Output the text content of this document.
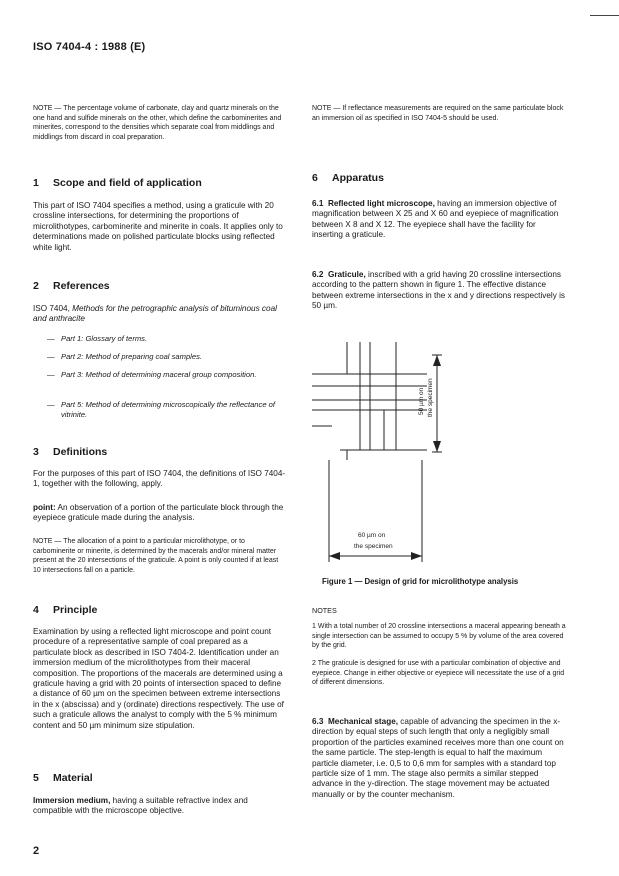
ISO 7404-4 : 1988 (E)

NOTE — The percentage volume of carbonate, clay and quartz minerals on the one hand and sulfide minerals on the other, which define the carbominerites and minerites, correspond to the densities which separate coal from middlings and middlings from discard in coal preparation.

1 Scope and field of application

This part of ISO 7404 specifies a method, using a graticule with 20 crossline intersections, for determining the proportions of microlithotypes, carbominerite and minerite in coals. It applies only to determinations made on polished particulate blocks using reflected white light.

2 References

ISO 7404, Methods for the petrographic analysis of bituminous coal and anthracite

— Part 1: Glossary of terms.
— Part 2: Method of preparing coal samples.
— Part 3: Method of determining maceral group composition.
— Part 5: Method of determining microscopically the reflectance of vitrinite.
3 Definitions

For the purposes of this part of ISO 7404, the definitions of ISO 7404-1, together with the following, apply.

point: An observation of a portion of the particulate block through the eyepiece graticule made during the analysis.

NOTE — The allocation of a point to a particular microlithotype, or to carbominerite or minerite, is determined by the macerals and/or mineral matter present at the 20 intersections of the graticule. A point is only counted if at least 10 intersections fall on a particle.

4 Principle

Examination by using a reflected light microscope and point count procedure of a representative sample of coal prepared as a particulate block as described in ISO 7404-2. Identification under an immersion medium of the microlithotypes from their maceral composition. The proportions of the macerals are determined using a graticule having a grid with 20 points of intersection spaced to define a distance of 60 µm on the specimen between extreme intersections in the x (abscissa) and y (ordinate) directions respectively. The use of such a graticule allows the analyst to comply with the 5 % minimum content and 50 µm minimum size stipulation.

5 Material

Immersion medium, having a suitable refractive index and compatible with the microscope objective.

2

NOTE — If reflectance measurements are required on the same particulate block an immersion oil as specified in ISO 7404-5 should be used.

6 Apparatus

6.1 Reflected light microscope, having an immersion objective of magnification between X 25 and X 60 and eyepiece of magnification between X 8 and X 12. The eyepiece shall have the facility for inserting a graticule.

6.2 Graticule, inscribed with a grid having 20 crossline intersections according to the pattern shown in figure 1. The effective distance between extreme intersections in the x and y directions respectively is 50 µm.

50 µm on the specimen
60 µm on
the specimen
Figure 1 — Design of grid for microlithotype analysis
NOTES

1 With a total number of 20 crossline intersections a maceral appearing beneath a single intersection can be assumed to occupy 5 % by volume of the area covered by the grid.

2 The graticule is designed for use with a particular combination of objective and eyepiece. Change in either objective or eyepiece will necessitate the use of a grid of different dimensions.

6.3 Mechanical stage, capable of advancing the specimen in the x-direction by equal steps of such length that only a negligibly small proportion of the particles examined receives more than one count on the same particle. The step-length is equal to half the maximum particle diameter, i.e. 0,5 to 0,6 mm for samples with a standard top particle size of 1 mm. The stage also permits a similar stepped advance in the y-direction. The stage movement may be actuated manually or by the counter mechanism.
